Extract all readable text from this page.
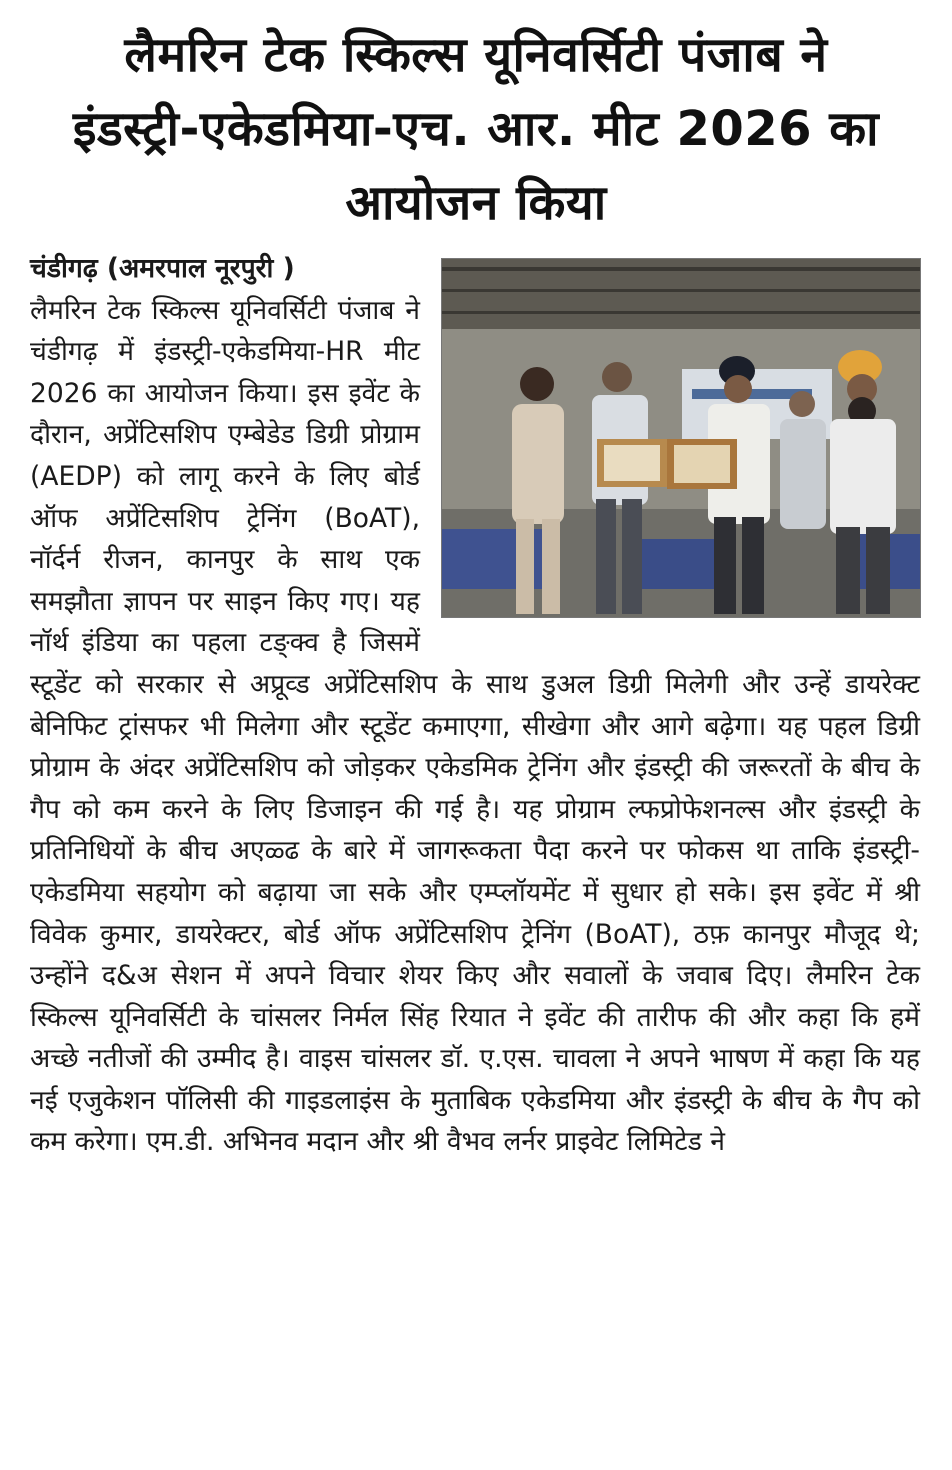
लैमरिन टेक स्किल्स यूनिवर्सिटी पंजाब ने
इंडस्ट्री-एकेडमिया-एच. आर. मीट 2026 का
आयोजन किया
चंडीगढ़ (अमरपाल नूरपुरी )
लैमरिन टेक स्किल्स यूनिवर्सिटी पंजाब ने चंडीगढ़ में इंडस्ट्री-एकेडमिया-HR मीट 2026 का आयोजन किया। इस इवेंट के दौरान, अप्रेंटिसशिप एम्बेडेड डिग्री प्रोग्राम (AEDP) को लागू करने के लिए बोर्ड ऑफ अप्रेंटिसशिप ट्रेनिंग (BoAT), नॉर्दर्न रीजन, कानपुर के साथ एक समझौता ज्ञापन पर साइन किए गए। यह नॉर्थ इंडिया का पहला टङ्क्व है जिसमें स्टूडेंट को सरकार से अप्रूव्ड अप्रेंटिसशिप के साथ डुअल डिग्री मिलेगी और उन्हें डायरेक्ट बेनिफिट ट्रांसफर भी मिलेगा और स्टूडेंट कमाएगा, सीखेगा और आगे बढ़ेगा। यह पहल डिग्री प्रोग्राम के अंदर अप्रेंटिसशिप को जोड़कर एकेडमिक ट्रेनिंग और इंडस्ट्री की जरूरतों के बीच के गैप को कम करने के लिए डिजाइन की गई है। यह प्रोग्राम ल्फप्रोफेशनल्स और इंडस्ट्री के प्रतिनिधियों के बीच अएळ्ढ के बारे में जागरूकता पैदा करने पर फोकस था ताकि इंडस्ट्री-एकेडमिया सहयोग को बढ़ाया जा सके और एम्प्लॉयमेंट में सुधार हो सके। इस इवेंट में श्री विवेक कुमार, डायरेक्टर, बोर्ड ऑफ अप्रेंटिसशिप ट्रेनिंग (BoAT), ठफ़ कानपुर मौजूद थे; उन्होंने द&अ सेशन में अपने विचार शेयर किए और सवालों के जवाब दिए। लैमरिन टेक स्किल्स यूनिवर्सिटी के चांसलर निर्मल सिंह रियात ने इवेंट की तारीफ की और कहा कि हमें अच्छे नतीजों की उम्मीद है। वाइस चांसलर डॉ. ए.एस. चावला ने अपने भाषण में कहा कि यह नई एजुकेशन पॉलिसी की गाइडलाइंस के मुताबिक एकेडमिया और इंडस्ट्री के बीच के गैप को कम करेगा। एम.डी. अभिनव मदान और श्री वैभव लर्नर प्राइवेट लिमिटेड ने
